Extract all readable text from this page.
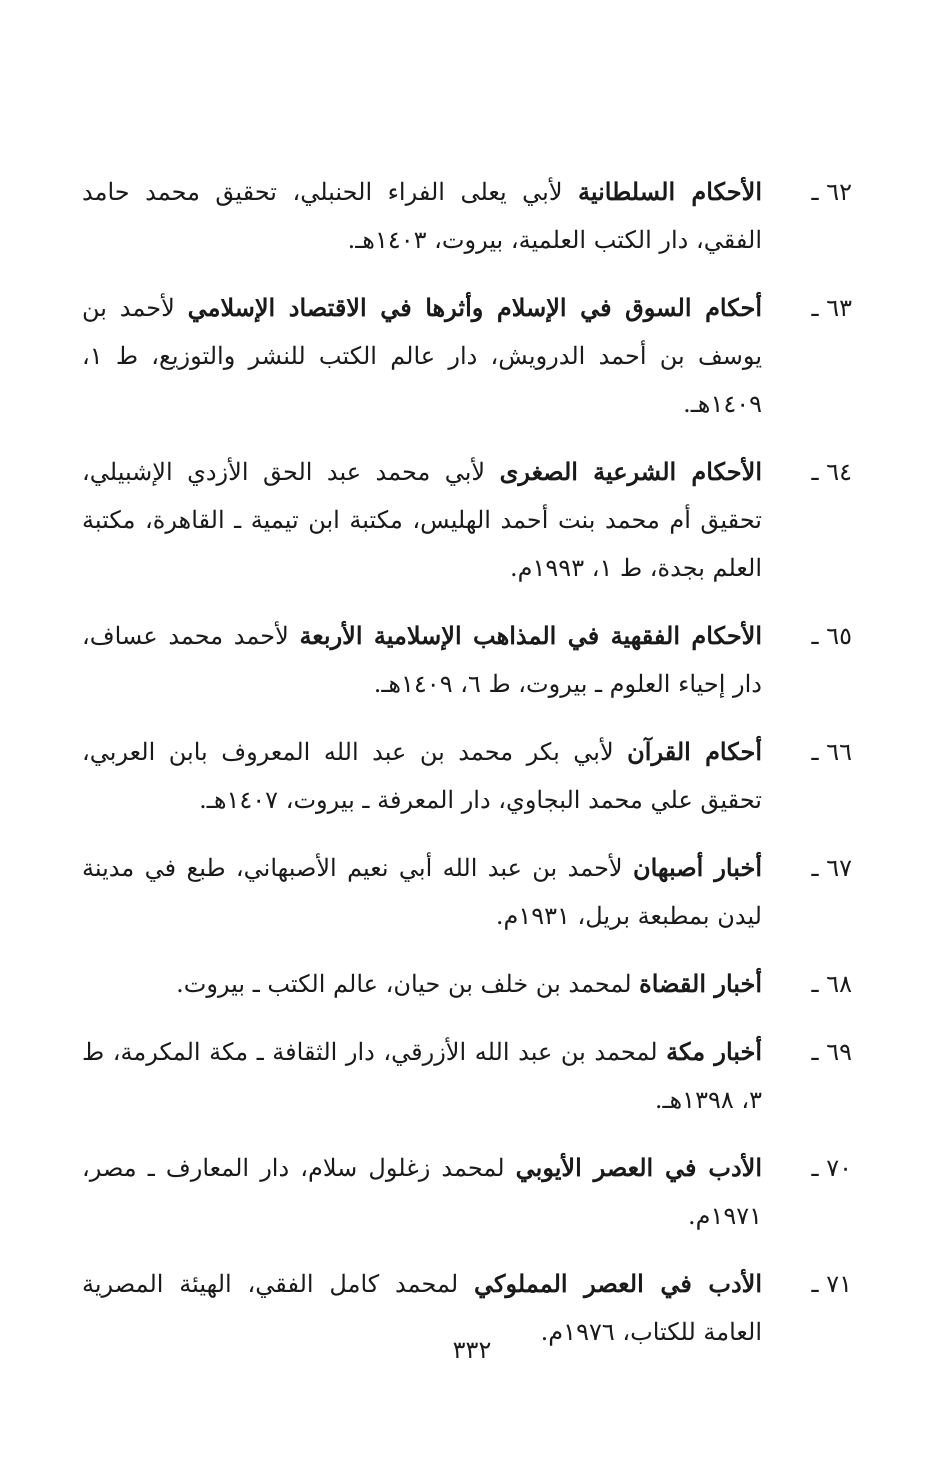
٦٢ ـ
الأحكام السلطانية لأبي يعلى الفراء الحنبلي، تحقيق محمد حامد الفقي، دار الكتب العلمية، بيروت، ١٤٠٣هـ.
٦٣ ـ
أحكام السوق في الإسلام وأثرها في الاقتصاد الإسلامي لأحمد بن يوسف بن أحمد الدرويش، دار عالم الكتب للنشر والتوزيع، ط ١، ١٤٠٩هـ.
٦٤ ـ
الأحكام الشرعية الصغرى لأبي محمد عبد الحق الأزدي الإشبيلي، تحقيق أم محمد بنت أحمد الهليس، مكتبة ابن تيمية ـ القاهرة، مكتبة العلم بجدة، ط ١، ١٩٩٣م.
٦٥ ـ
الأحكام الفقهية في المذاهب الإسلامية الأربعة لأحمد محمد عساف، دار إحياء العلوم ـ بيروت، ط ٦، ١٤٠٩هـ.
٦٦ ـ
أحكام القرآن لأبي بكر محمد بن عبد الله المعروف بابن العربي، تحقيق علي محمد البجاوي، دار المعرفة ـ بيروت، ١٤٠٧هـ.
٦٧ ـ
أخبار أصبهان لأحمد بن عبد الله أبي نعيم الأصبهاني، طبع في مدينة ليدن بمطبعة بريل، ١٩٣١م.
٦٨ ـ
أخبار القضاة لمحمد بن خلف بن حيان، عالم الكتب ـ بيروت.
٦٩ ـ
أخبار مكة لمحمد بن عبد الله الأزرقي، دار الثقافة ـ مكة المكرمة، ط ٣، ١٣٩٨هـ.
٧٠ ـ
الأدب في العصر الأيوبي لمحمد زغلول سلام، دار المعارف ـ مصر، ١٩٧١م.
٧١ ـ
الأدب في العصر المملوكي لمحمد كامل الفقي، الهيئة المصرية العامة للكتاب، ١٩٧٦م.
٣٣٢
